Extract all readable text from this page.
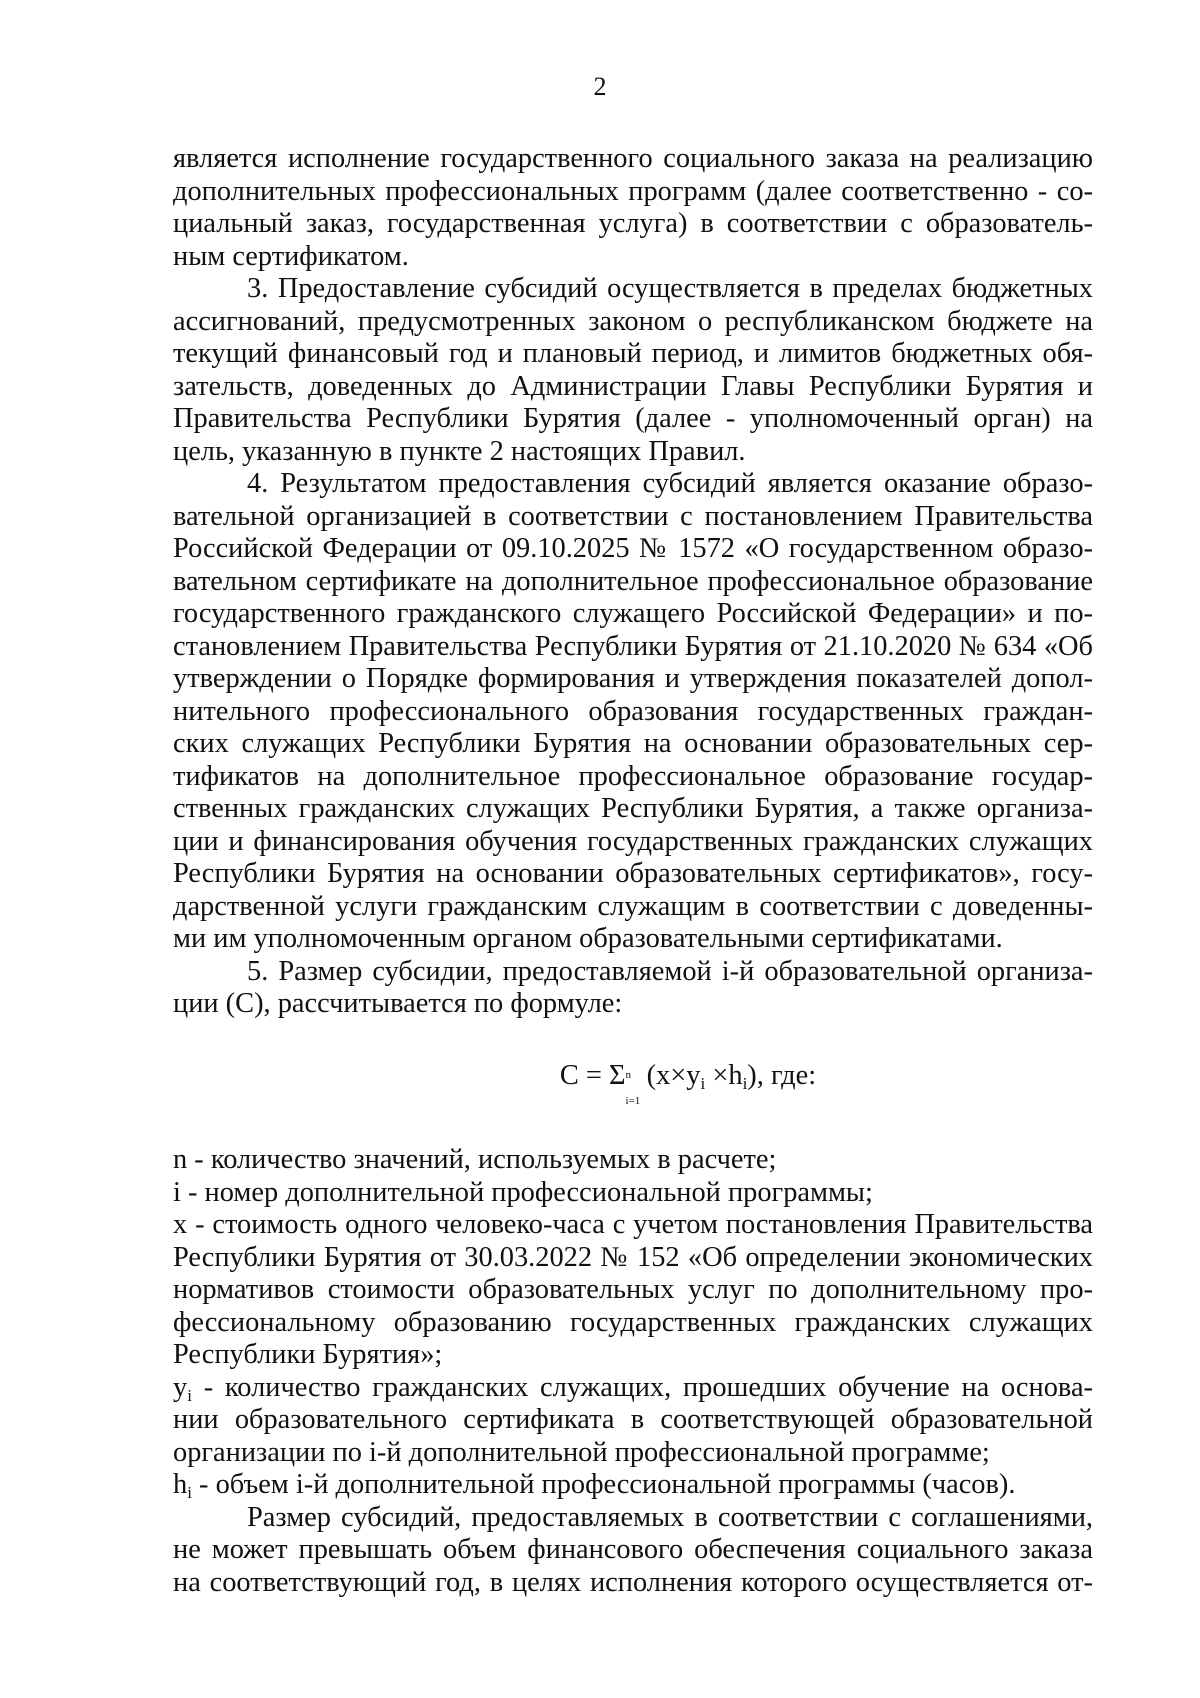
2
является исполнение государственного социального заказа на реализацию
дополнительных профессиональных программ (далее соответственно - со-
циальный заказ, государственная услуга) в соответствии с образователь-
ным сертификатом.
3. Предоставление субсидий осуществляется в пределах бюджетных
ассигнований, предусмотренных законом о республиканском бюджете на
текущий финансовый год и плановый период, и лимитов бюджетных обя-
зательств, доведенных до Администрации Главы Республики Бурятия и
Правительства Республики Бурятия (далее - уполномоченный орган) на
цель, указанную в пункте 2 настоящих Правил.
4. Результатом предоставления субсидий является оказание образо-
вательной организацией в соответствии с постановлением Правительства
Российской Федерации от 09.10.2025 № 1572 «О государственном образо-
вательном сертификате на дополнительное профессиональное образование
государственного гражданского служащего Российской Федерации» и по-
становлением Правительства Республики Бурятия от 21.10.2020 № 634 «Об
утверждении о Порядке формирования и утверждения показателей допол-
нительного профессионального образования государственных граждан-
ских служащих Республики Бурятия на основании образовательных сер-
тификатов на дополнительное профессиональное образование государ-
ственных гражданских служащих Республики Бурятия, а также организа-
ции и финансирования обучения государственных гражданских служащих
Республики Бурятия на основании образовательных сертификатов», госу-
дарственной услуги гражданским служащим в соответствии с доведенны-
ми им уполномоченным органом образовательными сертификатами.
5. Размер субсидии, предоставляемой i-й образовательной организа-
ции (С), рассчитывается по формуле:
C = Σ n
i=1
$(x\times y_i \times h_i)$, где:
n - количество значений, используемых в расчете;
i - номер дополнительной профессиональной программы;
x - стоимость одного человеко-часа с учетом постановления Правительства
Республики Бурятия от 30.03.2022 № 152 «Об определении экономических
нормативов стоимости образовательных услуг по дополнительному про-
фессиональному образованию государственных гражданских служащих
Республики Бурятия»;
$y_i$ - количество гражданских служащих, прошедших обучение на основа-
нии образовательного сертификата в соответствующей образовательной
организации по i-й дополнительной профессиональной программе;
$h_i$ - объем i-й дополнительной профессиональной программы (часов).
Размер субсидий, предоставляемых в соответствии с соглашениями,
не может превышать объем финансового обеспечения социального заказа
на соответствующий год, в целях исполнения которого осуществляется от-
